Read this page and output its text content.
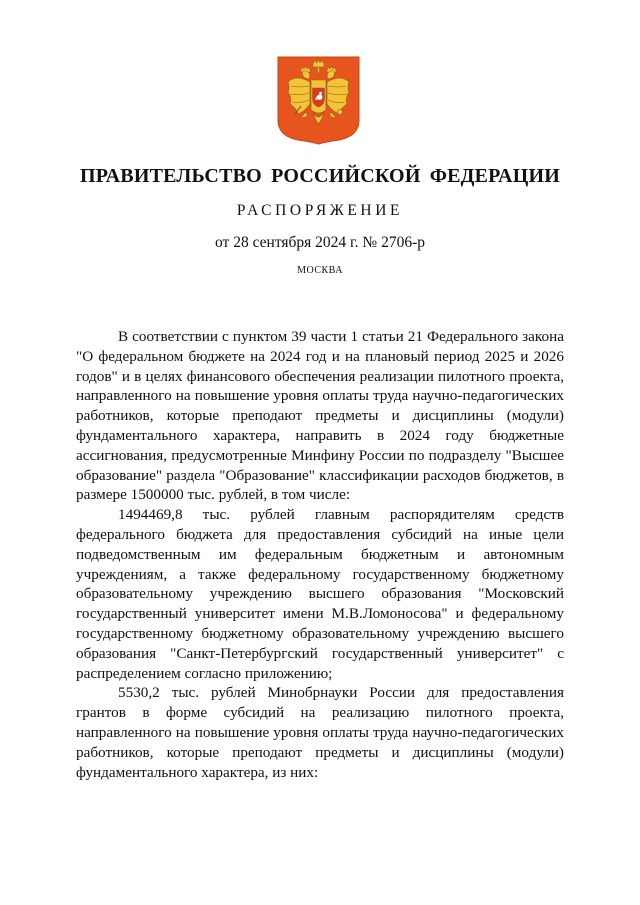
ПРАВИТЕЛЬСТВО РОССИЙСКОЙ ФЕДЕРАЦИИ
РАСПОРЯЖЕНИЕ
от 28 сентября 2024 г. № 2706-р
МОСКВА

В соответствии с пунктом 39 части 1 статьи 21 Федерального закона "О федеральном бюджете на 2024 год и на плановый период 2025 и 2026 годов" и в целях финансового обеспечения реализации пилотного проекта, направленного на повышение уровня оплаты труда научно-педагогических работников, которые преподают предметы и дисциплины (модули) фундаментального характера, направить в 2024 году бюджетные ассигнования, предусмотренные Минфину России по подразделу "Высшее образование" раздела "Образование" классификации расходов бюджетов, в размере 1500000 тыс. рублей, в том числе:

1494469,8 тыс. рублей главным распорядителям средств федерального бюджета для предоставления субсидий на иные цели подведомственным им федеральным бюджетным и автономным учреждениям, а также федеральному государственному бюджетному образовательному учреждению высшего образования "Московский государственный университет имени М.В.Ломоносова" и федеральному государственному бюджетному образовательному учреждению высшего образования "Санкт-Петербургский государственный университет" с распределением согласно приложению;

5530,2 тыс. рублей Минобрнауки России для предоставления грантов в форме субсидий на реализацию пилотного проекта, направленного на повышение уровня оплаты труда научно-педагогических работников, которые преподают предметы и дисциплины (модули) фундаментального характера, из них:
